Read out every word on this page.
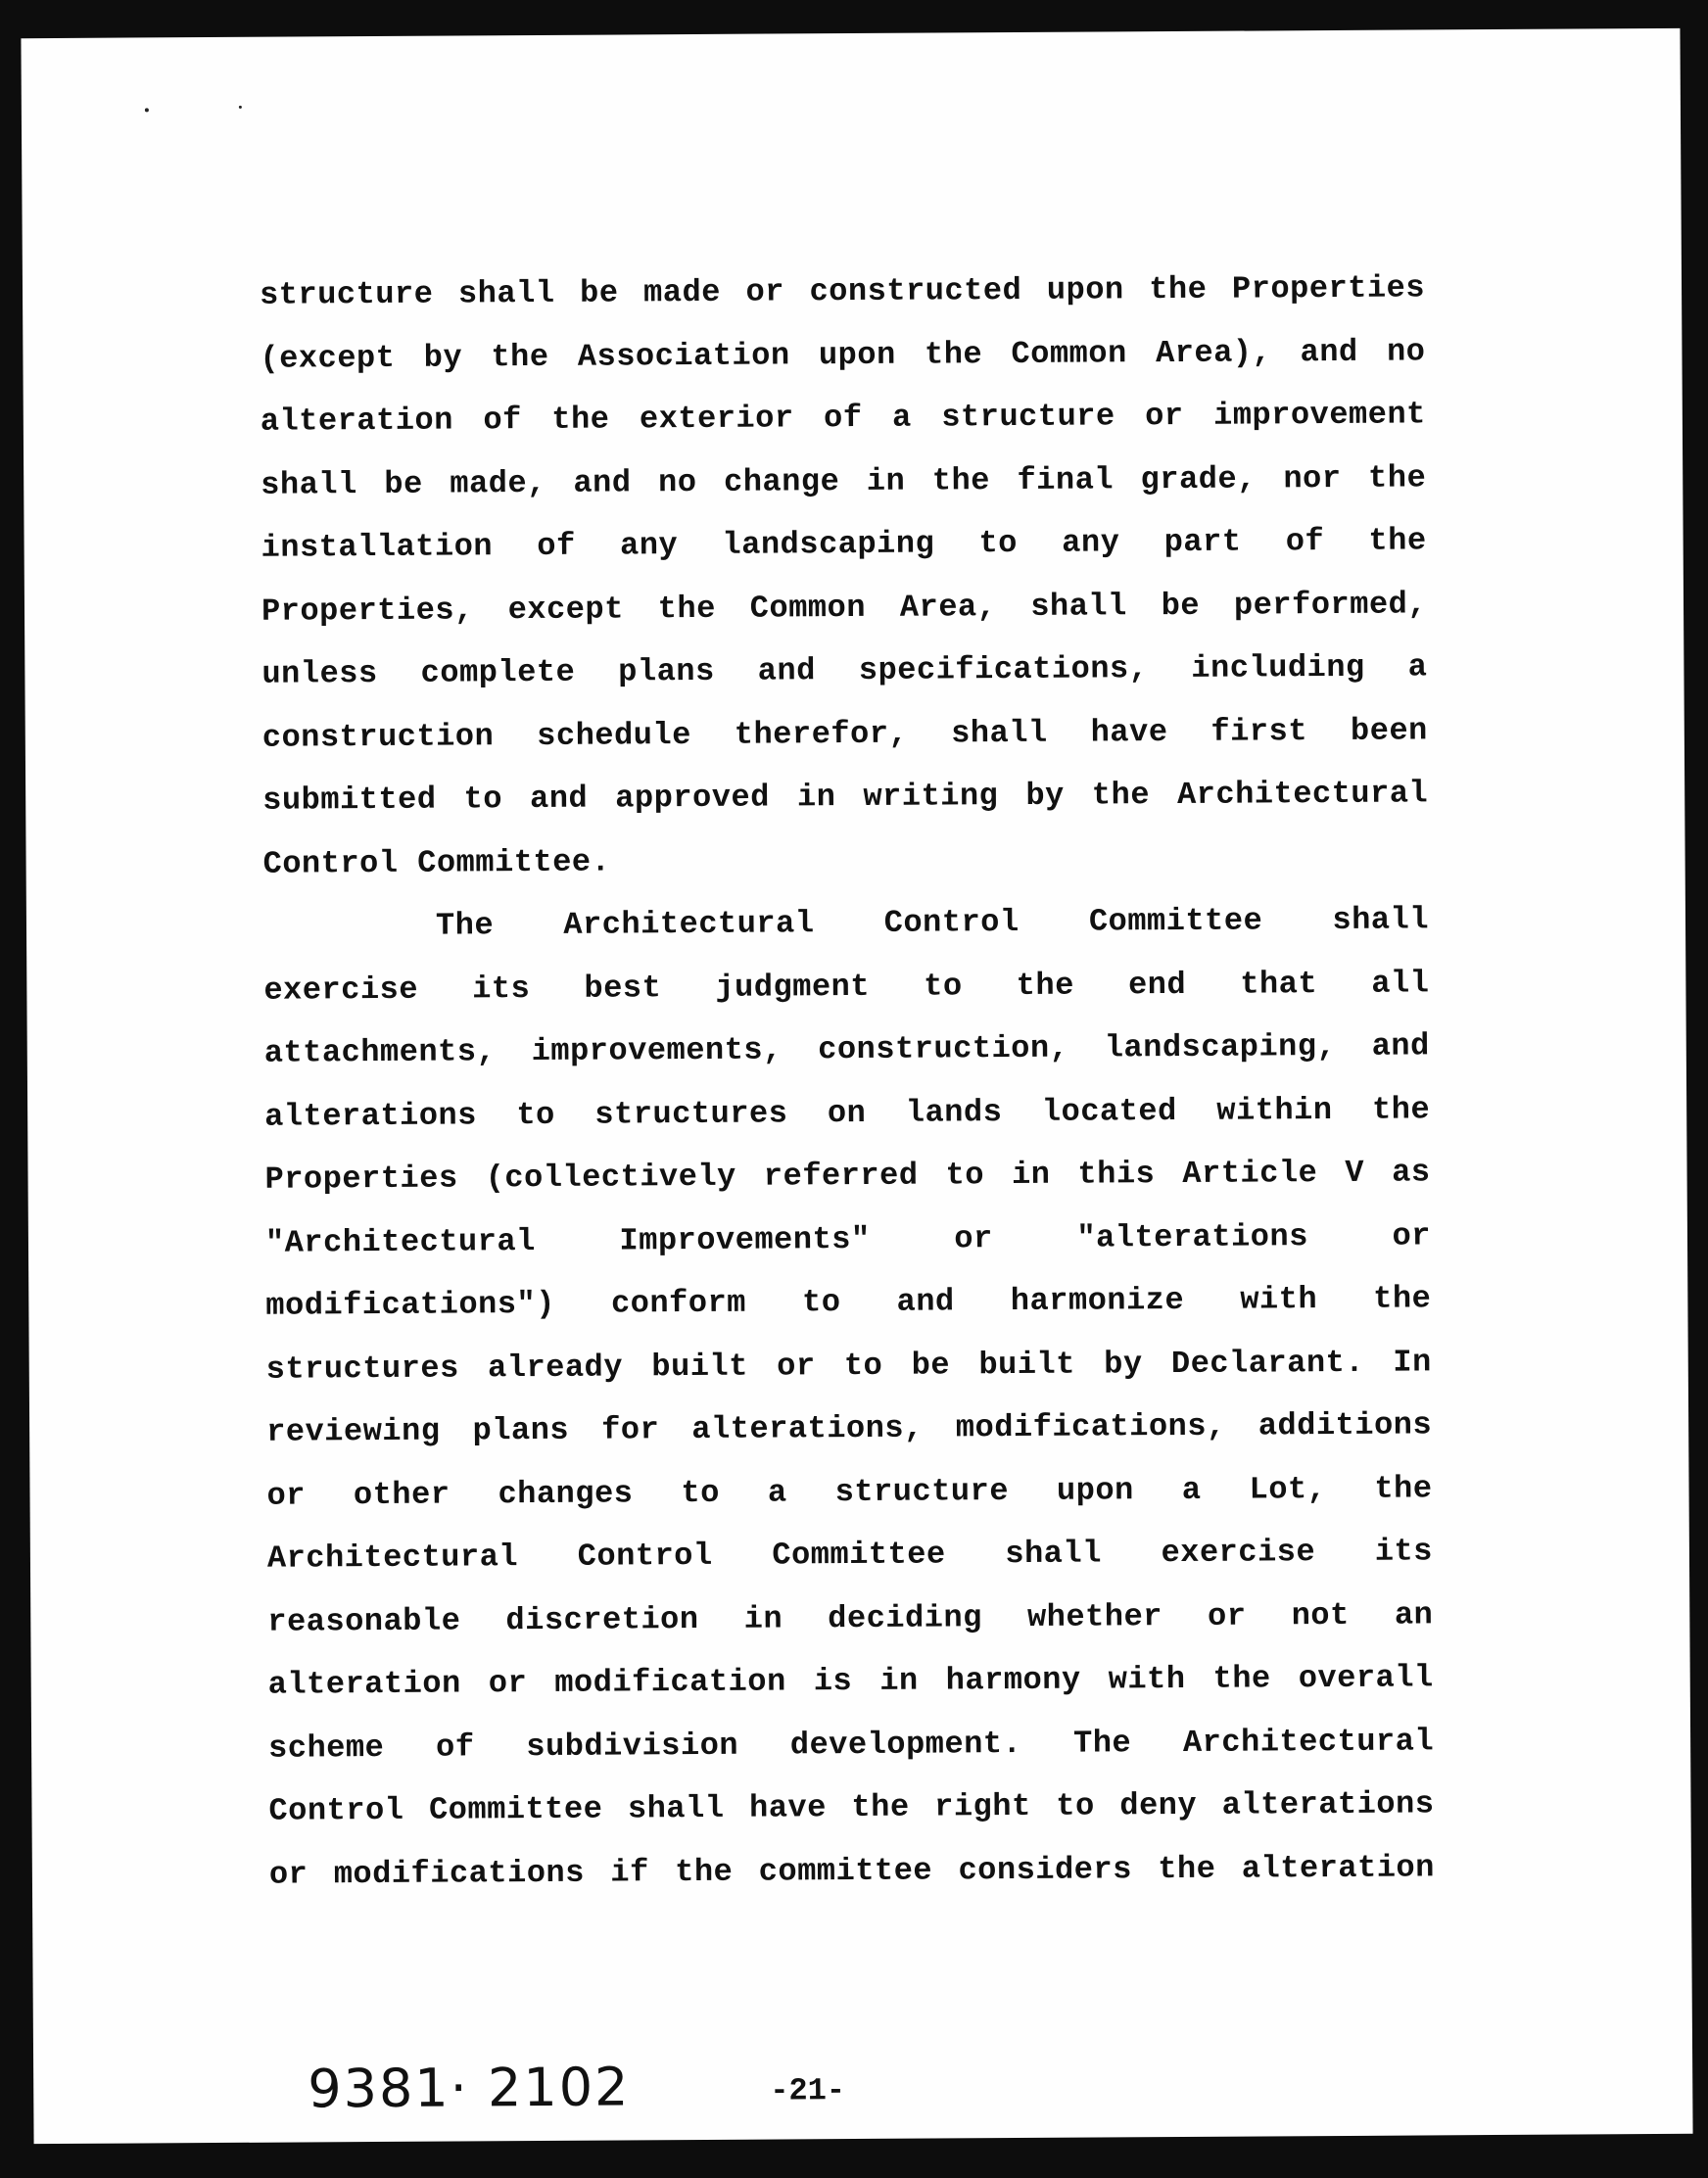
structure shall be made or constructed upon the Properties
(except by the Association upon the Common Area), and no
alteration of the exterior of a structure or improvement
shall be made, and no change in the final grade, nor the
installation of any landscaping to any part of the
Properties, except the Common Area, shall be performed,
unless complete plans and specifications, including a
construction schedule therefor, shall have first been
submitted to and approved in writing by the Architectural
Control Committee.
The Architectural Control Committee shall
exercise its best judgment to the end that all
attachments, improvements, construction, landscaping, and
alterations to structures on lands located within the
Properties (collectively referred to in this Article V as
"Architectural Improvements" or "alterations or
modifications") conform to and harmonize with the
structures already built or to be built by Declarant. In
reviewing plans for alterations, modifications, additions
or other changes to a structure upon a Lot, the
Architectural Control Committee shall exercise its
reasonable discretion in deciding whether or not an
alteration or modification is in harmony with the overall
scheme of subdivision development. The Architectural
Control Committee shall have the right to deny alterations
or modifications if the committee considers the alteration
9381· 2102	-21-
